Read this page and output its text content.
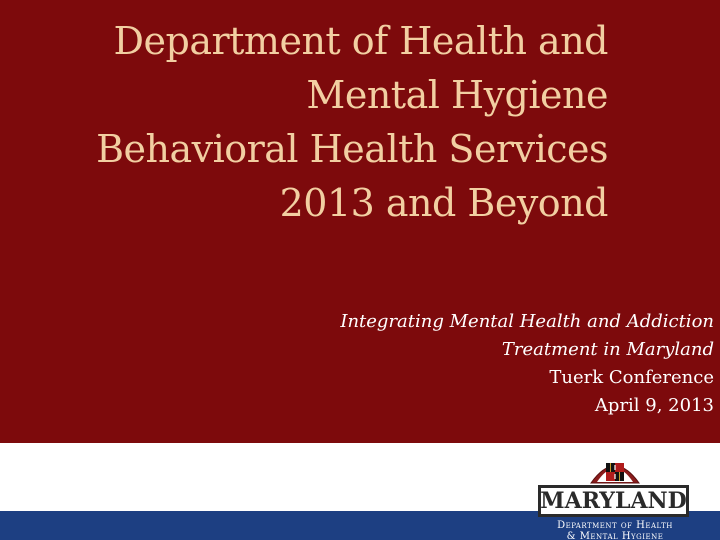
Department of Health and
Mental Hygiene
Behavioral Health Services
2013 and Beyond
Integrating Mental Health and Addiction
Treatment in Maryland
Tuerk Conference
April 9, 2013
MARYLAND
Department of Health
& Mental Hygiene
